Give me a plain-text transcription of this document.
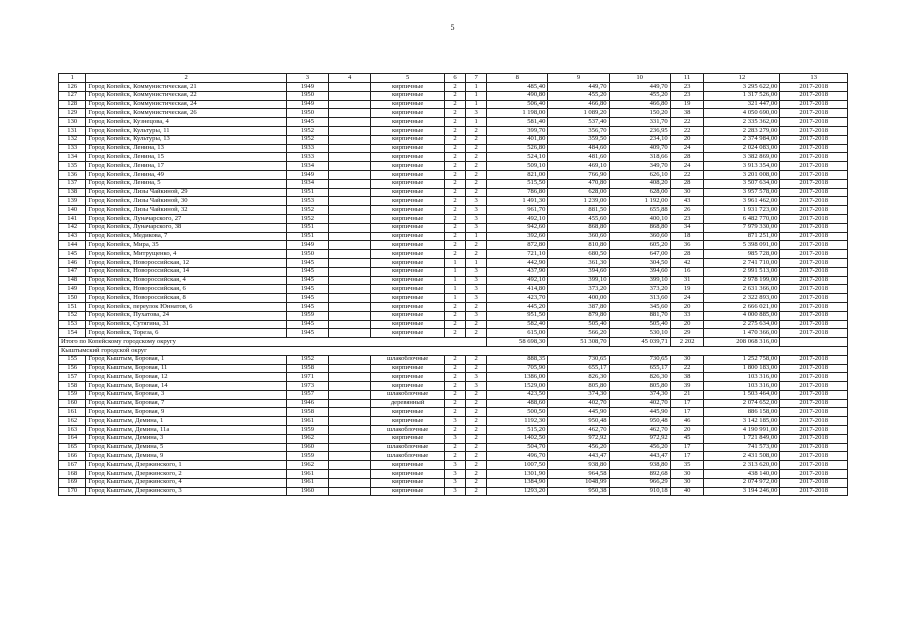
5
1	2	3	4	5	6	7	8	9	10	11	12	13
126	Город Копейск, Коммунистическая, 21	1949		кирпичные	2	1	485,40	449,70	449,70	23	3 295 622,00	2017-2018
127	Город Копейск, Коммунистическая, 22	1950		кирпичные	2	1	490,80	455,20	455,20	23	1 317 526,00	2017-2018
128	Город Копейск, Коммунистическая, 24	1949		кирпичные	2	1	506,40	466,80	466,80	19	321 447,00	2017-2018
129	Город Копейск, Коммунистическая, 26	1950		кирпичные	2	3	1 198,00	1 089,20	150,20	38	4 050 690,00	2017-2018
130	Город Копейск, Кузнецова, 4	1945		кирпичные	2	1	581,40	537,40	331,70	22	2 335 362,00	2017-2018
131	Город Копейск, Культуры, 11	1952		кирпичные	2	2	399,70	356,70	236,95	22	2 283 279,00	2017-2018
132	Город Копейск, Культуры, 13	1952		кирпичные	2	2	401,80	359,50	234,10	20	2 374 984,00	2017-2018
133	Город Копейск, Ленина, 13	1933		кирпичные	2	2	526,80	484,60	409,70	24	2 024 083,00	2017-2018
134	Город Копейск, Ленина, 15	1933		кирпичные	2	2	524,10	481,60	318,66	28	3 382 869,00	2017-2018
135	Город Копейск, Ленина, 17	1934		кирпичные	2	2	509,10	469,10	349,70	24	3 913 354,00	2017-2018
136	Город Копейск, Ленина, 49	1949		кирпичные	2	2	821,00	766,90	626,10	22	3 201 008,00	2017-2018
137	Город Копейск, Ленина, 5	1934		кирпичные	2	2	515,50	470,80	408,20	28	3 507 634,00	2017-2018
138	Город Копейск, Лизы Чайкиной, 29	1951		кирпичные	2	2	786,80	628,00	628,00	30	3 957 578,00	2017-2018
139	Город Копейск, Лизы Чайкиной, 30	1953		кирпичные	2	3	1 491,30	1 239,00	1 192,00	43	3 961 462,00	2017-2018
140	Город Копейск, Лизы Чайкиной, 32	1952		кирпичные	2	3	961,70	881,50	655,88	26	1 931 723,00	2017-2018
141	Город Копейск, Луначарского, 27	1952		кирпичные	2	3	492,10	455,60	400,10	23	6 482 770,00	2017-2018
142	Город Копейск, Луначарского, 38	1951		кирпичные	2	3	942,60	868,80	868,80	34	7 979 330,00	2017-2018
143	Город Копейск, Медикова, 7	1951		кирпичные	2	1	392,60	360,60	360,60	18	871 251,00	2017-2018
144	Город Копейск, Мира, 35	1949		кирпичные	2	2	872,80	810,80	605,20	36	5 398 091,00	2017-2018
145	Город Копейск, Митрущенко, 4	1950		кирпичные	2	2	721,10	680,50	647,00	28	985 728,00	2017-2018
146	Город Копейск, Новороссийская, 12	1945		кирпичные	1	1	442,90	361,30	304,50	42	2 741 710,00	2017-2018
147	Город Копейск, Новороссийская, 14	1945		кирпичные	1	3	437,90	394,60	394,60	16	2 991 513,00	2017-2018
148	Город Копейск, Новороссийская, 4	1945		кирпичные	1	3	492,10	399,10	399,10	31	2 978 199,00	2017-2018
149	Город Копейск, Новороссийская, 6	1945		кирпичные	1	3	414,80	373,20	373,20	19	2 631 366,00	2017-2018
150	Город Копейск, Новороссийская, 8	1945		кирпичные	1	3	423,70	400,00	313,60	24	2 322 893,00	2017-2018
151	Город Копейск, переулок Юннатов, 6	1945		кирпичные	2	2	445,20	387,80	345,60	20	2 666 021,00	2017-2018
152	Город Копейск, Пухатова, 24	1959		кирпичные	2	3	951,50	879,80	881,70	33	4 000 885,00	2017-2018
153	Город Копейск, Сутягина, 31	1945		кирпичные	2	2	582,40	505,40	505,40	20	2 275 634,00	2017-2018
154	Город Копейск, Тореза, 6	1945		кирпичные	2	2	615,00	566,20	530,10	29	1 470 366,00	2017-2018
Итого по Копейскому городскому округу							58 698,30	51 308,70	45 039,71	2 202	208 068 316,00	
Кыштымский городской округ												
155	Город Кыштым, Боровая, 1	1952		шлакоблочные	2	2	888,35	730,65	730,65	30	1 252 758,00	2017-2018
156	Город Кыштым, Боровая, 11	1958		кирпичные	2	2	705,90	655,17	655,17	22	1 800 183,00	2017-2018
157	Город Кыштым, Боровая, 12	1971		кирпичные	2	3	1386,00	826,30	826,30	38	103 316,00	2017-2018
158	Город Кыштым, Боровая, 14	1973		кирпичные	2	3	1529,00	805,80	805,80	39	103 316,00	2017-2018
159	Город Кыштым, Боровая, 3	1957		шлакоблочные	2	2	423,50	374,30	374,30	21	1 503 464,00	2017-2018
160	Город Кыштым, Боровая, 7	1946		деревянный	2	2	488,60	402,70	402,70	17	2 074 652,00	2017-2018
161	Город Кыштым, Боровая, 9	1958		кирпичные	2	2	500,50	445,90	445,90	17	886 158,00	2017-2018
162	Город Кыштым, Демина, 1	1961		кирпичные	3	2	1192,30	950,48	950,48	46	3 142 185,00	2017-2018
163	Город Кыштым, Демина, 11а	1959		шлакоблочные	2	2	515,20	462,70	462,70	20	4 190 991,00	2017-2018
164	Город Кыштым, Демина, 3	1962		кирпичные	3	2	1402,50	972,92	972,92	45	1 721 849,00	2017-2018
165	Город Кыштым, Демина, 5	1960		шлакоблочные	2	2	504,70	456,20	456,20	17	741 573,00	2017-2018
166	Город Кыштым, Демина, 9	1959		шлакоблочные	2	2	496,70	443,47	443,47	17	2 431 508,00	2017-2018
167	Город Кыштым, Дзержинского, 1	1962		кирпичные	3	2	1007,50	938,80	938,80	35	2 313 620,00	2017-2018
168	Город Кыштым, Дзержинского, 2	1961		кирпичные	3	2	1301,90	964,58	892,68	30	438 140,00	2017-2018
169	Город Кыштым, Дзержинского, 4	1961		кирпичные	3	2	1384,90	1048,99	966,29	30	2 074 972,00	2017-2018
170	Город Кыштым, Дзержинского, 3	1960		кирпичные	3	2	1293,20	950,38	910,18	40	3 194 246,00	2017-2018
